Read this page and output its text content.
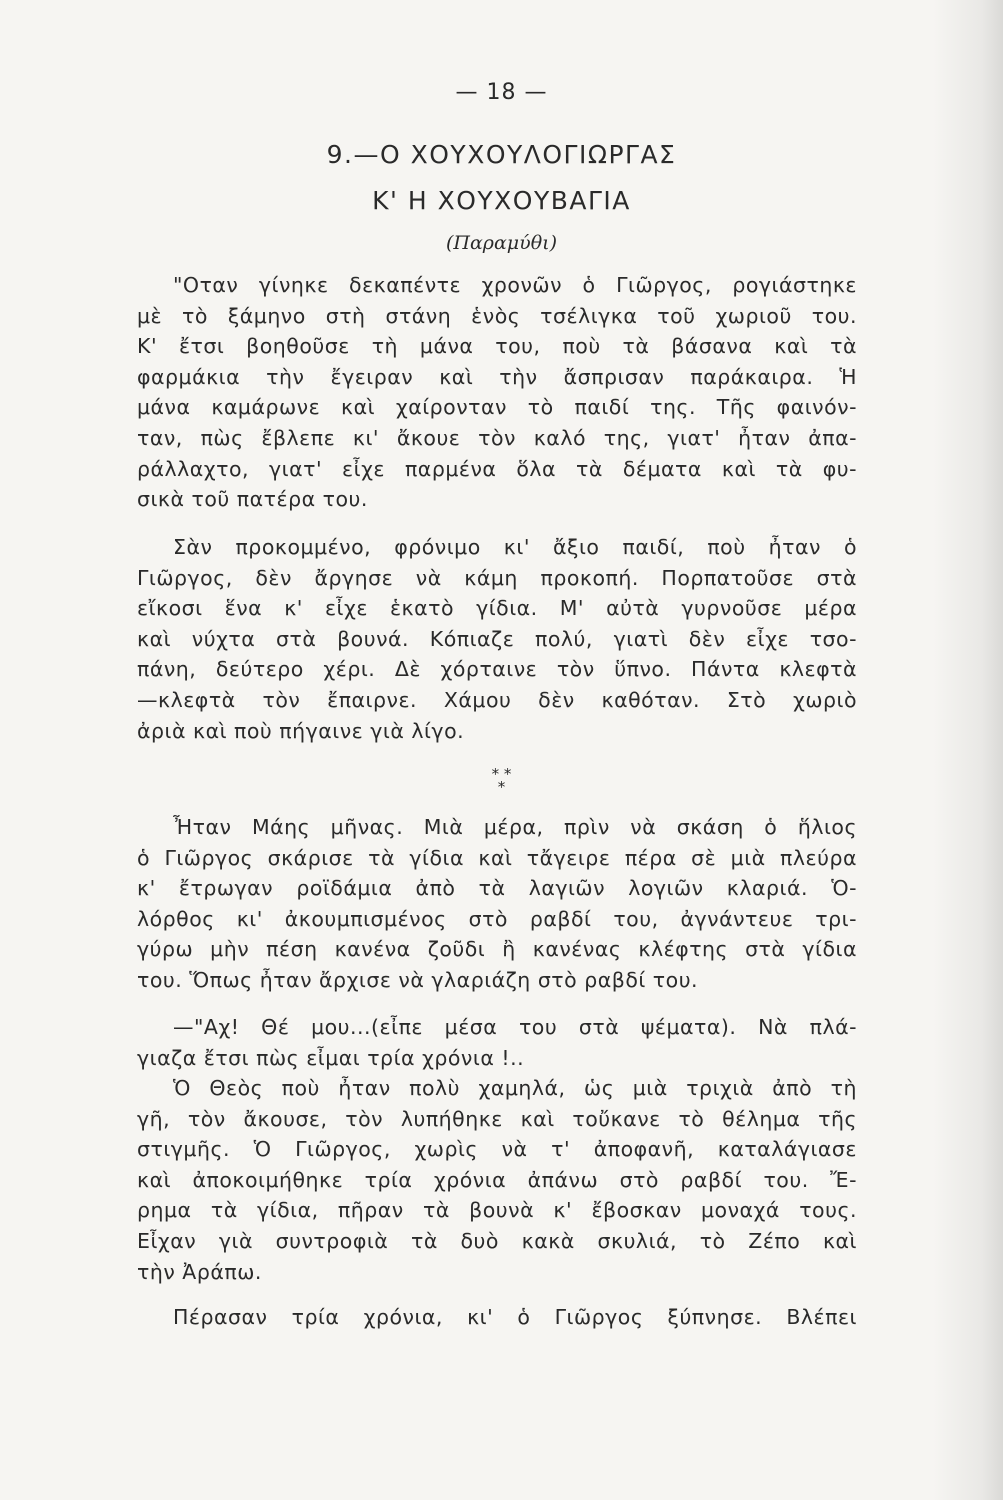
— 18 —
9.—Ο ΧΟΥΧΟΥΛΟΓΙΩΡΓΑΣ
Κ' Η ΧΟΥΧΟΥΒΑΓΙΑ
(Παραμύθι)
"Οταν γίνηκε δεκαπέντε χρονῶν ὁ Γιῶργος, ρογιάστηκε
μὲ τὸ ξάμηνο στὴ στάνη ἑνὸς τσέλιγκα τοῦ χωριοῦ του.
Κ' ἔτσι βοηθοῦσε τὴ μάνα του, ποὺ τὰ βάσανα καὶ τὰ
φαρμάκια τὴν ἔγειραν καὶ τὴν ἄσπρισαν παράκαιρα. Ἡ
μάνα καμάρωνε καὶ χαίρονταν τὸ παιδί της. Τῆς φαινόν-
ταν, πὼς ἔβλεπε κι' ἄκουε τὸν καλό της, γιατ' ἦταν ἀπα-
ράλλαχτο, γιατ' εἶχε παρμένα ὅλα τὰ δέματα καὶ τὰ φυ-
σικὰ τοῦ πατέρα του.
Σὰν προκομμένο, φρόνιμο κι' ἄξιο παιδί, ποὺ ἦταν ὁ
Γιῶργος, δὲν ἄργησε νὰ κάμη προκοπή. Πορπατοῦσε στὰ
εἴκοσι ἕνα κ' εἶχε ἑκατὸ γίδια. Μ' αὐτὰ γυρνοῦσε μέρα
καὶ νύχτα στὰ βουνά. Κόπιαζε πολύ, γιατὶ δὲν εἶχε τσο-
πάνη, δεύτερο χέρι. Δὲ χόρταινε τὸν ὕπνο. Πάντα κλεφτὰ
—κλεφτὰ τὸν ἔπαιρνε. Χάμου δὲν καθόταν. Στὸ χωριὸ
ἀριὰ καὶ ποὺ πήγαινε γιὰ λίγο.
* *
*
Ἦταν Μάης μῆνας. Μιὰ μέρα, πρὶν νὰ σκάση ὁ ἥλιος
ὁ Γιῶργος σκάρισε τὰ γίδια καὶ τἄγειρε πέρα σὲ μιὰ πλεύρα
κ' ἔτρωγαν ροϊδάμια ἀπὸ τὰ λαγιῶν λογιῶν κλαριά. Ὁ-
λόρθος κι' ἀκουμπισμένος στὸ ραβδί του, ἀγνάντευε τρι-
γύρω μὴν πέση κανένα ζοῦδι ἢ κανένας κλέφτης στὰ γίδια
του. Ὅπως ἦταν ἄρχισε νὰ γλαριάζη στὸ ραβδί του.
—"Αχ! Θέ μου...(εἶπε μέσα του στὰ ψέματα). Νὰ πλά-
γιαζα ἔτσι πὼς εἶμαι τρία χρόνια !..
Ὁ Θεὸς ποὺ ἦταν πολὺ χαμηλά, ὡς μιὰ τριχιὰ ἀπὸ τὴ
γῆ, τὸν ἄκουσε, τὸν λυπήθηκε καὶ τοὔκανε τὸ θέλημα τῆς
στιγμῆς. Ὁ Γιῶργος, χωρὶς νὰ τ' ἀποφανῆ, καταλάγιασε
καὶ ἀποκοιμήθηκε τρία χρόνια ἀπάνω στὸ ραβδί του. Ἔ-
ρημα τὰ γίδια, πῆραν τὰ βουνὰ κ' ἔβοσκαν μοναχά τους.
Εἶχαν γιὰ συντροφιὰ τὰ δυὸ κακὰ σκυλιά, τὸ Ζέπο καὶ
τὴν Ἀράπω.
Πέρασαν τρία χρόνια, κι' ὁ Γιῶργος ξύπνησε. Βλέπει
